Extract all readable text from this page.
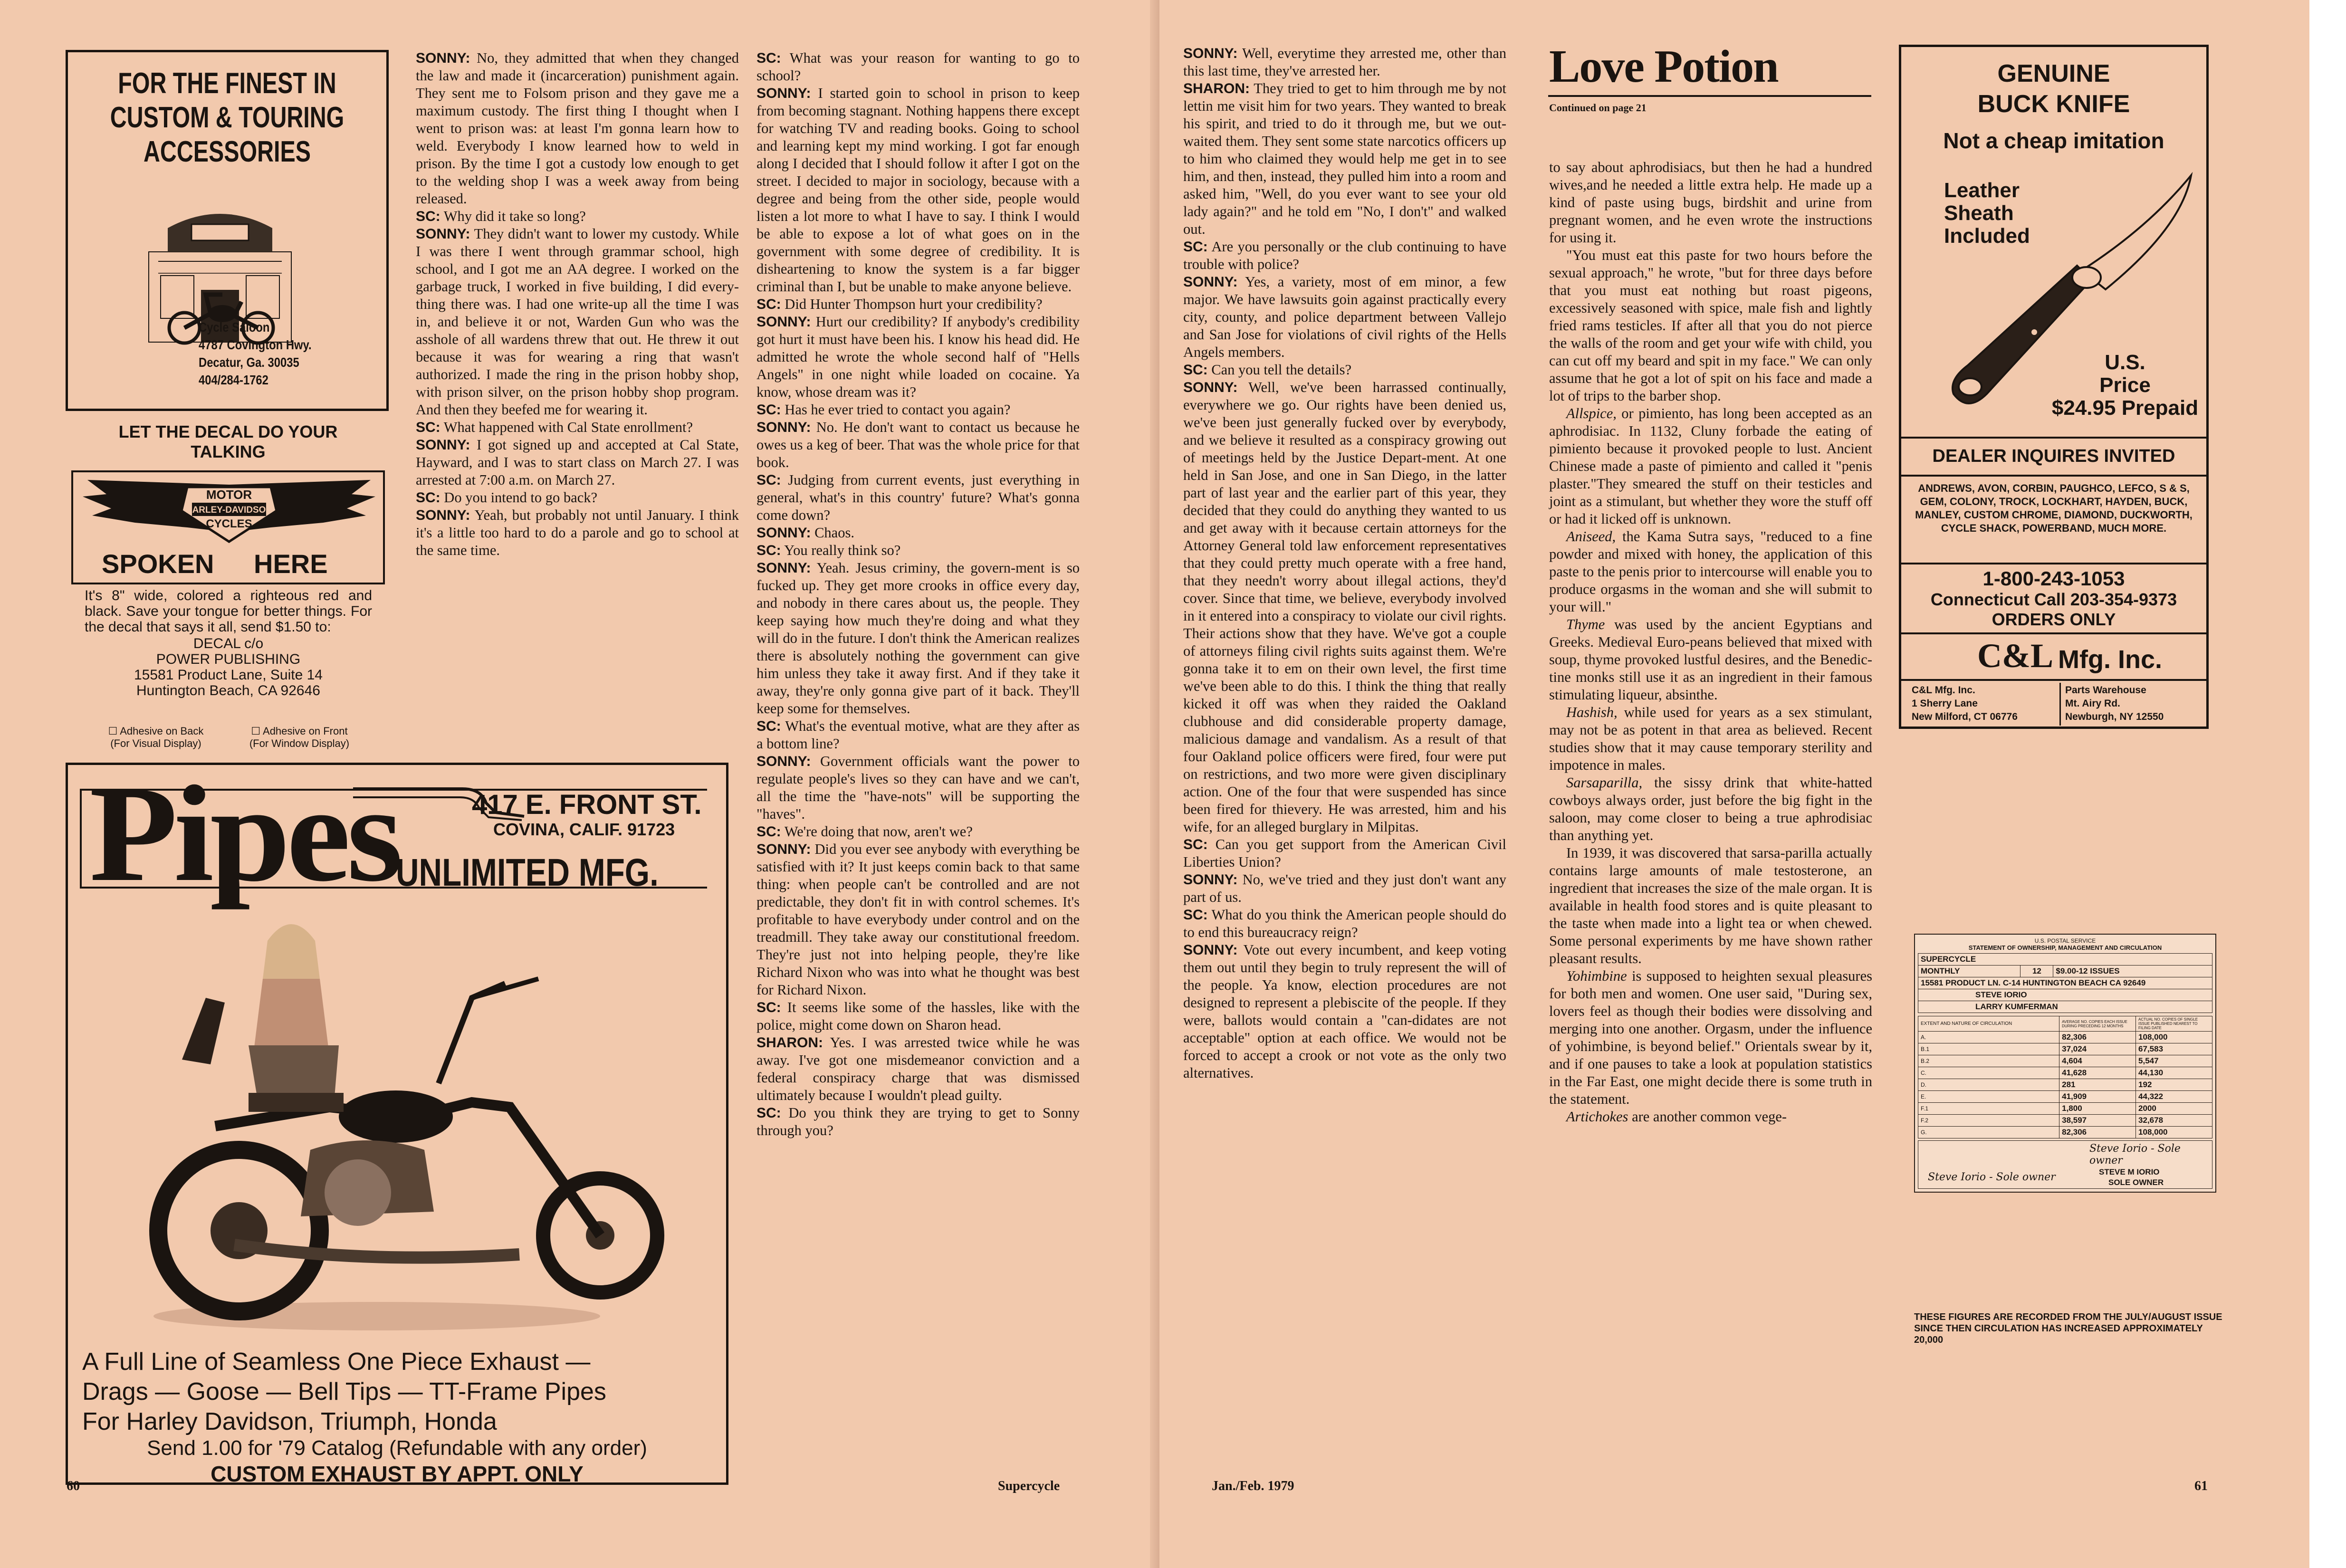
FOR THE FINEST IN
CUSTOM & TOURING
ACCESSORIES
Cycle Saloon
4787 Covington Hwy.
Decatur, Ga. 30035
404/284-1762
LET THE DECAL DO YOUR TALKING
MOTOR
HARLEY-DAVIDSON
CYCLES
SPOKEN HERE
It's 8" wide, colored a righteous red and black. Save your tongue for better things. For the decal that says it all, send $1.50 to:
DECAL c/o
POWER PUBLISHING
15581 Product Lane, Suite 14
Huntington Beach, CA 92646
☐ Adhesive on Back
(For Visual Display)
☐ Adhesive on Front
(For Window Display)
417 E. FRONT ST.
COVINA, CALIF. 91723
Pipes
UNLIMITED MFG.
A Full Line of Seamless One Piece Exhaust —
Drags — Goose — Bell Tips — TT-Frame Pipes
For Harley Davidson, Triumph, Honda
Send 1.00 for '79 Catalog (Refundable with any order)
CUSTOM EXHAUST BY APPT. ONLY

SONNY: No, they admitted that when they changed the law and made it (incarceration) punishment again. They sent me to Folsom prison and they gave me a maximum custody. The first thing I thought when I went to prison was: at least I'm gonna learn how to weld. Everybody I know learned how to weld in prison. By the time I got a custody low enough to get to the welding shop I was a week away from being released.

SC: Why did it take so long?

SONNY: They didn't want to lower my custody. While I was there I went through grammar school, high school, and I got me an AA degree. I worked on the garbage truck, I worked in five building, I did every-thing there was. I had one write-up all the time I was in, and believe it or not, Warden Gun who was the asshole of all wardens threw that out. He threw it out because it was for wearing a ring that wasn't authorized. I made the ring in the prison hobby shop, with prison silver, on the prison hobby shop program. And then they beefed me for wearing it.

SC: What happened with Cal State enrollment?

SONNY: I got signed up and accepted at Cal State, Hayward, and I was to start class on March 27. I was arrested at 7:00 a.m. on March 27.

SC: Do you intend to go back?

SONNY: Yeah, but probably not until January. I think it's a little too hard to do a parole and go to school at the same time.

SC: What was your reason for wanting to go to school?

SONNY: I started goin to school in prison to keep from becoming stagnant. Nothing happens there except for watching TV and reading books. Going to school and learning kept my mind working. I got far enough along I decided that I should follow it after I got on the street. I decided to major in sociology, because with a degree and being from the other side, people would listen a lot more to what I have to say. I think I would be able to expose a lot of what goes on in the government with some degree of credibility. It is disheartening to know the system is a far bigger criminal than I, but be unable to make anyone believe.

SC: Did Hunter Thompson hurt your credibility?

SONNY: Hurt our credibility? If anybody's credibility got hurt it must have been his. I know his head did. He admitted he wrote the whole second half of "Hells Angels" in one night while loaded on cocaine. Ya know, whose dream was it?

SC: Has he ever tried to contact you again?

SONNY: No. He don't want to contact us because he owes us a keg of beer. That was the whole price for that book.

SC: Judging from current events, just everything in general, what's in this country' future? What's gonna come down?

SONNY: Chaos.

SC: You really think so?

SONNY: Yeah. Jesus criminy, the govern-ment is so fucked up. They get more crooks in office every day, and nobody in there cares about us, the people. They keep saying how much they're doing and what they will do in the future. I don't think the American realizes there is absolutely nothing the government can give him unless they take it away first. And if they take it away, they're only gonna give part of it back. They'll keep some for themselves.

SC: What's the eventual motive, what are they after as a bottom line?

SONNY: Government officials want the power to regulate people's lives so they can have and we can't, all the time the "have-nots" will be supporting the "haves".

SC: We're doing that now, aren't we?

SONNY: Did you ever see anybody with everything be satisfied with it? It just keeps comin back to that same thing: when people can't be controlled and are not predictable, they don't fit in with control schemes. It's profitable to have everybody under control and on the treadmill. They take away our constitutional freedom. They're just not into helping people, they're like Richard Nixon who was into what he thought was best for Richard Nixon.

SC: It seems like some of the hassles, like with the police, might come down on Sharon head.

SHARON: Yes. I was arrested twice while he was away. I've got one misdemeanor conviction and a federal conspiracy charge that was dismissed ultimately because I wouldn't plead guilty.

SC: Do you think they are trying to get to Sonny through you?

60	Supercycle

SONNY: Well, everytime they arrested me, other than this last time, they've arrested her.

SHARON: They tried to get to him through me by not lettin me visit him for two years. They wanted to break his spirit, and tried to do it through me, but we out-waited them. They sent some state narcotics officers up to him who claimed they would help me get in to see him, and then, instead, they pulled him into a room and asked him, "Well, do you ever want to see your old lady again?" and he told em "No, I don't" and walked out.

SC: Are you personally or the club continuing to have trouble with police?

SONNY: Yes, a variety, most of em minor, a few major. We have lawsuits goin against practically every city, county, and police department between Vallejo and San Jose for violations of civil rights of the Hells Angels members.

SC: Can you tell the details?

SONNY: Well, we've been harrassed continually, everywhere we go. Our rights have been denied us, we've been just generally fucked over by everybody, and we believe it resulted as a conspiracy growing out of meetings held by the Justice Depart-ment. At one held in San Jose, and one in San Diego, in the latter part of last year and the earlier part of this year, they decided that they could do anything they wanted to us and get away with it because certain attorneys for the Attorney General told law enforcement representatives that they could pretty much operate with a free hand, that they needn't worry about illegal actions, they'd cover. Since that time, we believe, everybody involved in it entered into a conspiracy to violate our civil rights. Their actions show that they have. We've got a couple of attorneys filing civil rights suits against them. We're gonna take it to em on their own level, the first time we've been able to do this. I think the thing that really kicked it off was when they raided the Oakland clubhouse and did considerable property damage, malicious damage and vandalism. As a result of that four Oakland police officers were fired, four were put on restrictions, and two more were given disciplinary action. One of the four that were suspended has since been fired for thievery. He was arrested, him and his wife, for an alleged burglary in Milpitas.

SC: Can you get support from the American Civil Liberties Union?

SONNY: No, we've tried and they just don't want any part of us.

SC: What do you think the American people should do to end this bureaucracy reign?

SONNY: Vote out every incumbent, and keep voting them out until they begin to truly represent the will of the people. Ya know, election procedures are not designed to represent a plebiscite of the people. If they were, ballots would contain a "can-didates are not acceptable" option at each office. We would not be forced to accept a crook or not vote as the only two alternatives.

Love Potion
Continued on page 21

to say about aphrodisiacs, but then he had a hundred wives,and he needed a little extra help. He made up a kind of paste using bugs, birdshit and urine from pregnant women, and he even wrote the instructions for using it.

"You must eat this paste for two hours before the sexual approach," he wrote, "but for three days before that you must eat nothing but roast pigeons, excessively seasoned with spice, male fish and lightly fried rams testicles. If after all that you do not pierce the walls of the room and get your wife with child, you can cut off my beard and spit in my face." We can only assume that he got a lot of spit on his face and made a lot of trips to the barber shop.

Allspice, or pimiento, has long been accepted as an aphrodisiac. In 1132, Cluny forbade the eating of pimiento because it provoked people to lust. Ancient Chinese made a paste of pimiento and called it "penis plaster."They smeared the stuff on their testicles and joint as a stimulant, but whether they wore the stuff off or had it licked off is unknown.

Aniseed, the Kama Sutra says, "reduced to a fine powder and mixed with honey, the application of this paste to the penis prior to intercourse will enable you to produce orgasms in the woman and she will submit to your will."

Thyme was used by the ancient Egyptians and Greeks. Medieval Euro-peans believed that mixed with soup, thyme provoked lustful desires, and the Benedic-tine monks still use it as an ingredient in their famous stimulating liqueur, absinthe.

Hashish, while used for years as a sex stimulant, may not be as potent in that area as believed. Recent studies show that it may cause temporary sterility and impotence in males.

Sarsaparilla, the sissy drink that white-hatted cowboys always order, just before the big fight in the saloon, may come closer to being a true aphrodisiac than anything yet.

In 1939, it was discovered that sarsa-parilla actually contains large amounts of male testosterone, an ingredient that increases the size of the male organ. It is available in health food stores and is quite pleasant to the taste when made into a light tea or when chewed. Some personal experiments by me have shown rather pleasant results.

Yohimbine is supposed to heighten sexual pleasures for both men and women. One user said, "During sex, lovers feel as though their bodies were dissolving and merging into one another. Orgasm, under the influence of yohimbine, is beyond belief." Orientals swear by it, and if one pauses to take a look at population statistics in the Far East, one might decide there is some truth in the statement.

Artichokes are another common vege-

GENUINE
BUCK KNIFE
Not a cheap imitation
Leather
Sheath
Included
U.S.
Price
$24.95 Prepaid
DEALER INQUIRES INVITED
ANDREWS, AVON, CORBIN, PAUGHCO, LEFCO, S & S, GEM, COLONY, TROCK, LOCKHART, HAYDEN, BUCK, MANLEY, CUSTOM CHROME, DIAMOND, DUCKWORTH, CYCLE SHACK, POWERBAND, MUCH MORE.
1-800-243-1053
Connecticut Call 203-354-9373
ORDERS ONLY
C&L Mfg. Inc.
C&L Mfg. Inc.
1 Sherry Lane
New Milford, CT 06776
Parts Warehouse
Mt. Airy Rd.
Newburgh, NY 12550
U.S. POSTAL SERVICE
STATEMENT OF OWNERSHIP, MANAGEMENT AND CIRCULATION
SUPERCYCLE
MONTHLY	12	$9.00-12 ISSUES
15581 PRODUCT LN. C-14 HUNTINGTON BEACH CA 92649
STEVE IORIO
LARRY KUMFERMAN
EXTENT AND NATURE OF CIRCULATION	AVERAGE NO. COPIES EACH ISSUE DURING PRECEDING 12 MONTHS	ACTUAL NO. COPIES OF SINGLE ISSUE PUBLISHED NEAREST TO FILING DATE
A.	82,306	108,000
B.1	37,024	67,583
B.2	4,604	5,547
C.	41,628	44,130
D.	281	192
E.	41,909	44,322
F.1	1,800	2000
F.2	38,597	32,678
G.	82,306	108,000
Steve Iorio - Sole owner
Steve Iorio - Sole owner	STEVE M IORIO
SOLE OWNER
THESE FIGURES ARE RECORDED FROM THE JULY/AUGUST ISSUE SINCE THEN CIRCULATION HAS INCREASED APPROXIMATELY 20,000
Jan./Feb. 1979	61
